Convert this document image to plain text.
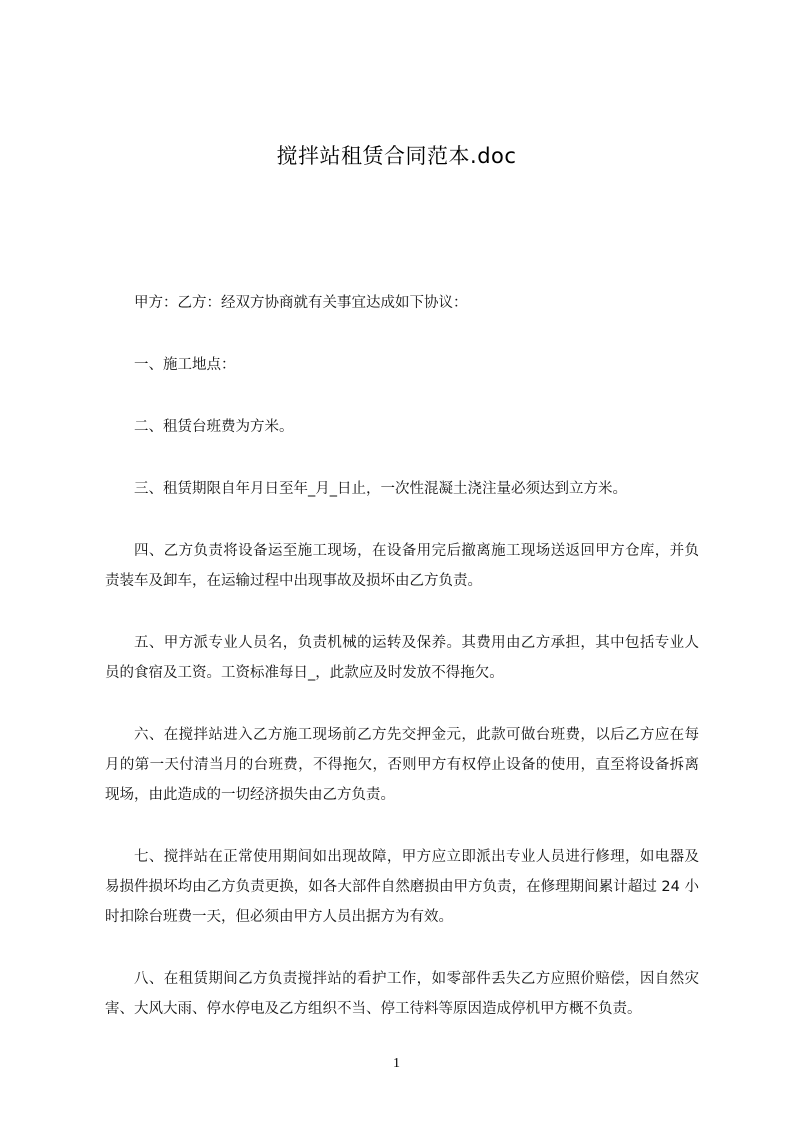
搅拌站租赁合同范本.doc

甲方：乙方：经双方协商就有关事宜达成如下协议：

一、施工地点：

二、租赁台班费为方米。

三、租赁期限自年月日至年_月_日止，一次性混凝土浇注量必须达到立方米。

四、乙方负责将设备运至施工现场，在设备用完后撤离施工现场送返回甲方仓库，并负责装车及卸车，在运输过程中出现事故及损坏由乙方负责。

五、甲方派专业人员名，负责机械的运转及保养。其费用由乙方承担，其中包括专业人员的食宿及工资。工资标准每日_，此款应及时发放不得拖欠。

六、在搅拌站进入乙方施工现场前乙方先交押金元，此款可做台班费，以后乙方应在每月的第一天付清当月的台班费，不得拖欠，否则甲方有权停止设备的使用，直至将设备拆离现场，由此造成的一切经济损失由乙方负责。

七、搅拌站在正常使用期间如出现故障，甲方应立即派出专业人员进行修理，如电器及易损件损坏均由乙方负责更换，如各大部件自然磨损由甲方负责，在修理期间累计超过 24 小时扣除台班费一天，但必须由甲方人员出据方为有效。

八、在租赁期间乙方负责搅拌站的看护工作，如零部件丢失乙方应照价赔偿，因自然灾害、大风大雨、停水停电及乙方组织不当、停工待料等原因造成停机甲方概不负责。

1
